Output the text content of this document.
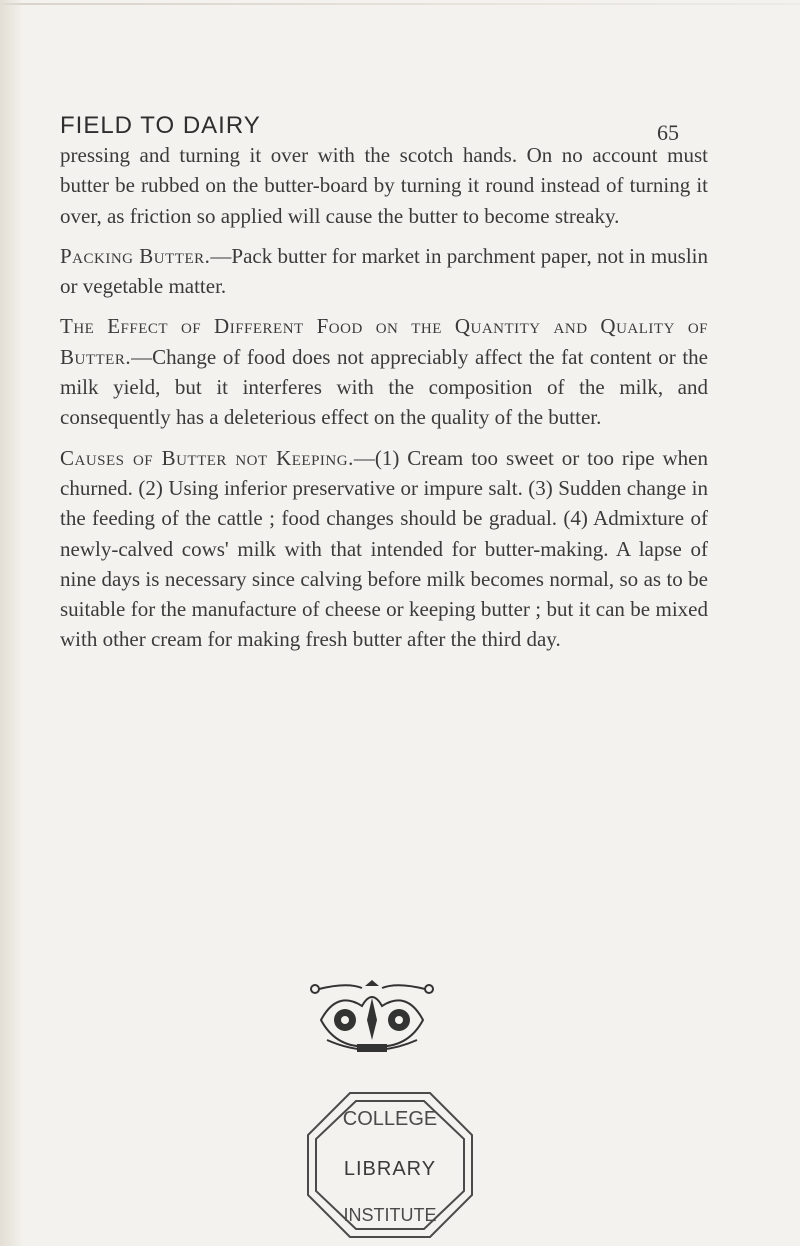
FIELD TO DAIRY	65

pressing and turning it over with the scotch hands. On no account must butter be rubbed on the butter-board by turning it round instead of turning it over, as friction so applied will cause the butter to become streaky.

Packing Butter.—Pack butter for market in parchment paper, not in muslin or vegetable matter.

The Effect of Different Food on the Quantity and Quality of Butter.—Change of food does not appreciably affect the fat content or the milk yield, but it interferes with the composition of the milk, and consequently has a deleterious effect on the quality of the butter.

Causes of Butter not Keeping.—(1) Cream too sweet or too ripe when churned. (2) Using inferior preservative or impure salt. (3) Sudden change in the feeding of the cattle ; food changes should be gradual. (4) Admixture of newly-calved cows' milk with that intended for butter-making. A lapse of nine days is necessary since calving before milk becomes normal, so as to be suitable for the manufacture of cheese or keeping butter ; but it can be mixed with other cream for making fresh butter after the third day.

COLLEGE
LIBRARY
INSTITUTE
